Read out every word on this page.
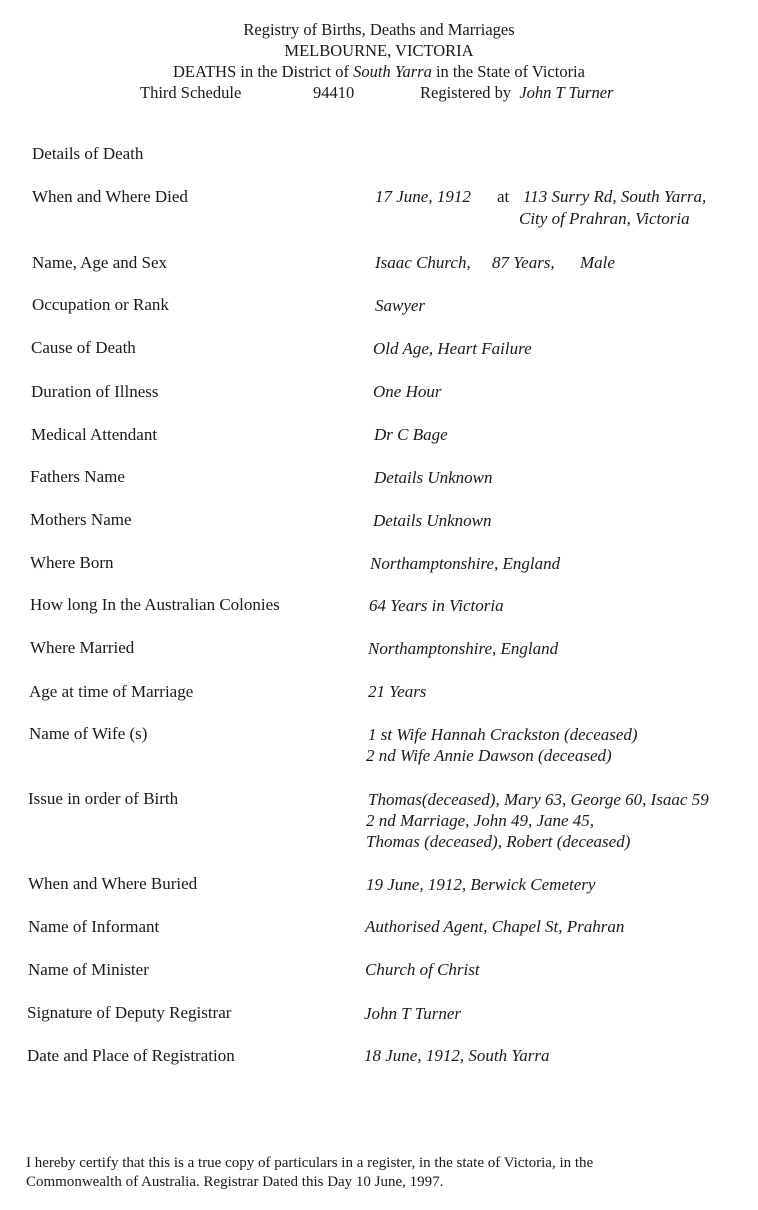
Registry of Births, Deaths and Marriages
MELBOURNE, VICTORIA
DEATHS in the District of South Yarra in the State of Victoria
Third Schedule	94410	Registered by John T Turner
Details of Death
When and Where Died	17 June, 1912 at 113 Surry Rd, South Yarra,
City of Prahran, Victoria
Name, Age and Sex	Isaac Church, 87 Years, Male
Occupation or Rank	Sawyer
Cause of Death	Old Age, Heart Failure
Duration of Illness	One Hour
Medical Attendant	Dr C Bage
Fathers Name	Details Unknown
Mothers Name	Details Unknown
Where Born	Northamptonshire, England
How long In the Australian Colonies	64 Years in Victoria
Where Married	Northamptonshire, England
Age at time of Marriage	21 Years
Name of Wife (s)	1 st Wife Hannah Crackston (deceased)
2 nd Wife Annie Dawson (deceased)
Issue in order of Birth	Thomas(deceased), Mary 63, George 60, Isaac 59
2 nd Marriage, John 49, Jane 45,
Thomas (deceased), Robert (deceased)
When and Where Buried	19 June, 1912, Berwick Cemetery
Name of Informant	Authorised Agent, Chapel St, Prahran
Name of Minister	Church of Christ
Signature of Deputy Registrar	John T Turner
Date and Place of Registration	18 June, 1912, South Yarra
I hereby certify that this is a true copy of particulars in a register, in the state of Victoria, in the
Commonwealth of Australia. Registrar Dated this Day 10 June, 1997.
